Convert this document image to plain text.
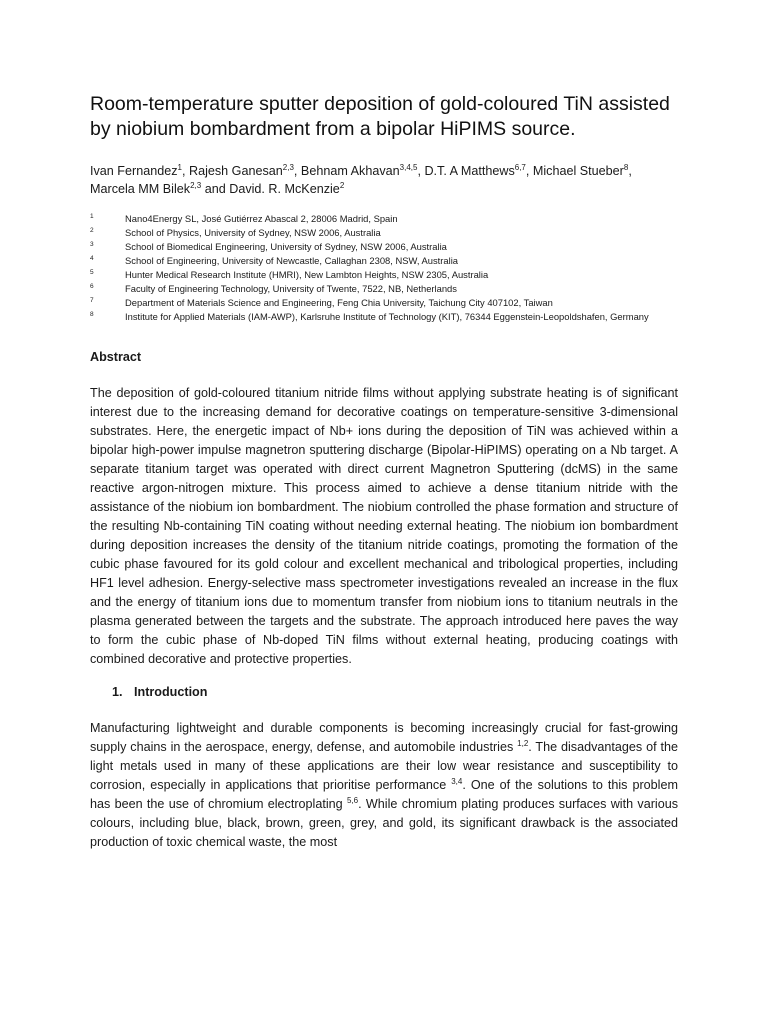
Room-temperature sputter deposition of gold-coloured TiN assisted by niobium bombardment from a bipolar HiPIMS source.
Ivan Fernandez$^1$, Rajesh Ganesan$^{2,3}$, Behnam Akhavan$^{3,4,5}$, D.T. A Matthews$^{6,7}$, Michael Stueber$^8$, Marcela MM Bilek$^{2,3}$ and David. R. McKenzie$^2$
1	Nano4Energy SL, José Gutiérrez Abascal 2, 28006 Madrid, Spain
2	School of Physics, University of Sydney, NSW 2006, Australia
3	School of Biomedical Engineering, University of Sydney, NSW 2006, Australia
4	School of Engineering, University of Newcastle, Callaghan 2308, NSW, Australia
5	Hunter Medical Research Institute (HMRI), New Lambton Heights, NSW 2305, Australia
6	Faculty of Engineering Technology, University of Twente, 7522, NB, Netherlands
7	Department of Materials Science and Engineering, Feng Chia University, Taichung City 407102, Taiwan
8	Institute for Applied Materials (IAM-AWP), Karlsruhe Institute of Technology (KIT), 76344 Eggenstein-Leopoldshafen, Germany
Abstract

The deposition of gold-coloured titanium nitride films without applying substrate heating is of significant interest due to the increasing demand for decorative coatings on temperature-sensitive 3-dimensional substrates. Here, the energetic impact of Nb+ ions during the deposition of TiN was achieved within a bipolar high-power impulse magnetron sputtering discharge (Bipolar-HiPIMS) operating on a Nb target. A separate titanium target was operated with direct current Magnetron Sputtering (dcMS) in the same reactive argon-nitrogen mixture. This process aimed to achieve a dense titanium nitride with the assistance of the niobium ion bombardment. The niobium controlled the phase formation and structure of the resulting Nb-containing TiN coating without needing external heating. The niobium ion bombardment during deposition increases the density of the titanium nitride coatings, promoting the formation of the cubic phase favoured for its gold colour and excellent mechanical and tribological properties, including HF1 level adhesion. Energy-selective mass spectrometer investigations revealed an increase in the flux and the energy of titanium ions due to momentum transfer from niobium ions to titanium neutrals in the plasma generated between the targets and the substrate. The approach introduced here paves the way to form the cubic phase of Nb-doped TiN films without external heating, producing coatings with combined decorative and protective properties.

1. Introduction

Manufacturing lightweight and durable components is becoming increasingly crucial for fast-growing supply chains in the aerospace, energy, defense, and automobile industries $^{1,2}$. The disadvantages of the light metals used in many of these applications are their low wear resistance and susceptibility to corrosion, especially in applications that prioritise performance $^{3,4}$. One of the solutions to this problem has been the use of chromium electroplating $^{5,6}$. While chromium plating produces surfaces with various colours, including blue, black, brown, green, grey, and gold, its significant drawback is the associated production of toxic chemical waste, the most
